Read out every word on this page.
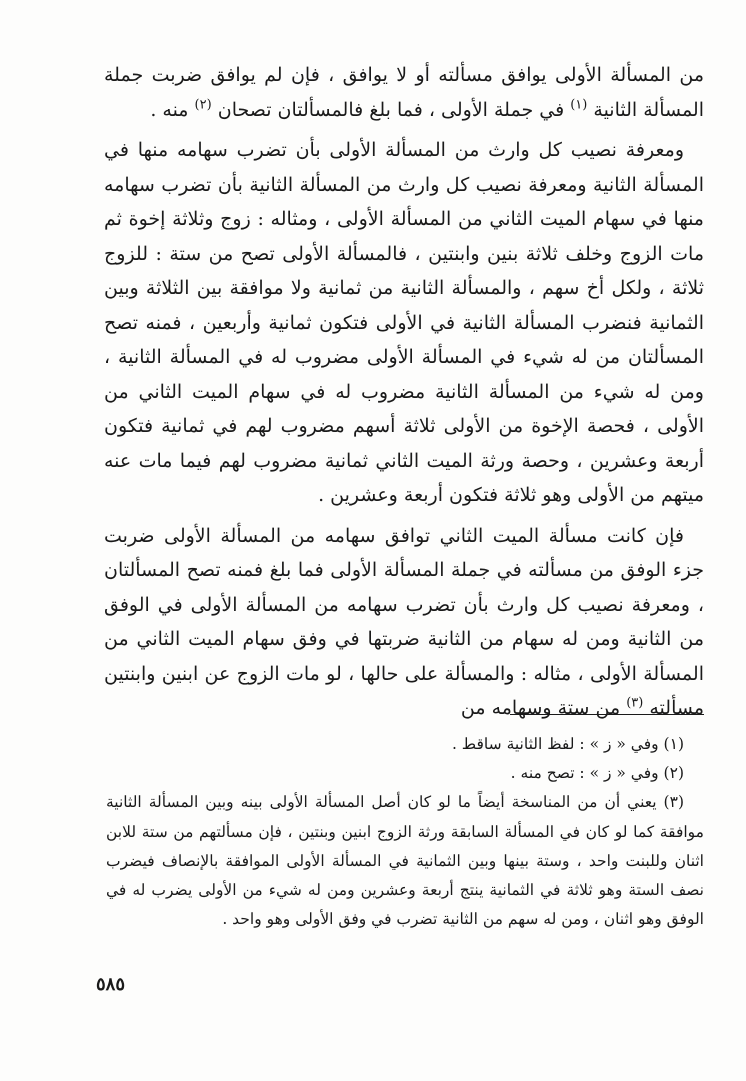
من المسألة الأولى يوافق مسألته أو لا يوافق ، فإن لم يوافق ضربت جملة المسألة الثانية $^{(١)}$ في جملة الأولى ، فما بلغ فالمسألتان تصحان $^{(٢)}$ منه .

ومعرفة نصيب كل وارث من المسألة الأولى بأن تضرب سهامه منها في المسألة الثانية ومعرفة نصيب كل وارث من المسألة الثانية بأن تضرب سهامه منها في سهام الميت الثاني من المسألة الأولى ، ومثاله : زوج وثلاثة إخوة ثم مات الزوج وخلف ثلاثة بنين وابنتين ، فالمسألة الأولى تصح من ستة : للزوج ثلاثة ، ولكل أخ سهم ، والمسألة الثانية من ثمانية ولا موافقة بين الثلاثة وبين الثمانية فنضرب المسألة الثانية في الأولى فتكون ثمانية وأربعين ، فمنه تصح المسألتان من له شيء في المسألة الأولى مضروب له في المسألة الثانية ، ومن له شيء من المسألة الثانية مضروب له في سهام الميت الثاني من الأولى ، فحصة الإخوة من الأولى ثلاثة أسهم مضروب لهم في ثمانية فتكون أربعة وعشرين ، وحصة ورثة الميت الثاني ثمانية مضروب لهم فيما مات عنه ميتهم من الأولى وهو ثلاثة فتكون أربعة وعشرين .

فإن كانت مسألة الميت الثاني توافق سهامه من المسألة الأولى ضربت جزء الوفق من مسألته في جملة المسألة الأولى فما بلغ فمنه تصح المسألتان ، ومعرفة نصيب كل وارث بأن تضرب سهامه من المسألة الأولى في الوفق من الثانية ومن له سهام من الثانية ضربتها في وفق سهام الميت الثاني من المسألة الأولى ، مثاله : والمسألة على حالها ، لو مات الزوج عن ابنين وابنتين مسألته $^{(٣)}$ من ستة وسهامه من

(١) وفي « ز » : لفظ الثانية ساقط .

(٢) وفي « ز » : تصح منه .

(٣) يعني أن من المناسخة أيضاً ما لو كان أصل المسألة الأولى بينه وبين المسألة الثانية موافقة كما لو كان في المسألة السابقة ورثة الزوج ابنين وبنتين ، فإن مسألتهم من ستة للابن اثنان وللبنت واحد ، وستة بينها وبين الثمانية في المسألة الأولى الموافقة بالإنصاف فيضرب نصف الستة وهو ثلاثة في الثمانية ينتج أربعة وعشرين ومن له شيء من الأولى يضرب له في الوفق وهو اثنان ، ومن له سهم من الثانية تضرب في وفق الأولى وهو واحد .

٥٨٥
